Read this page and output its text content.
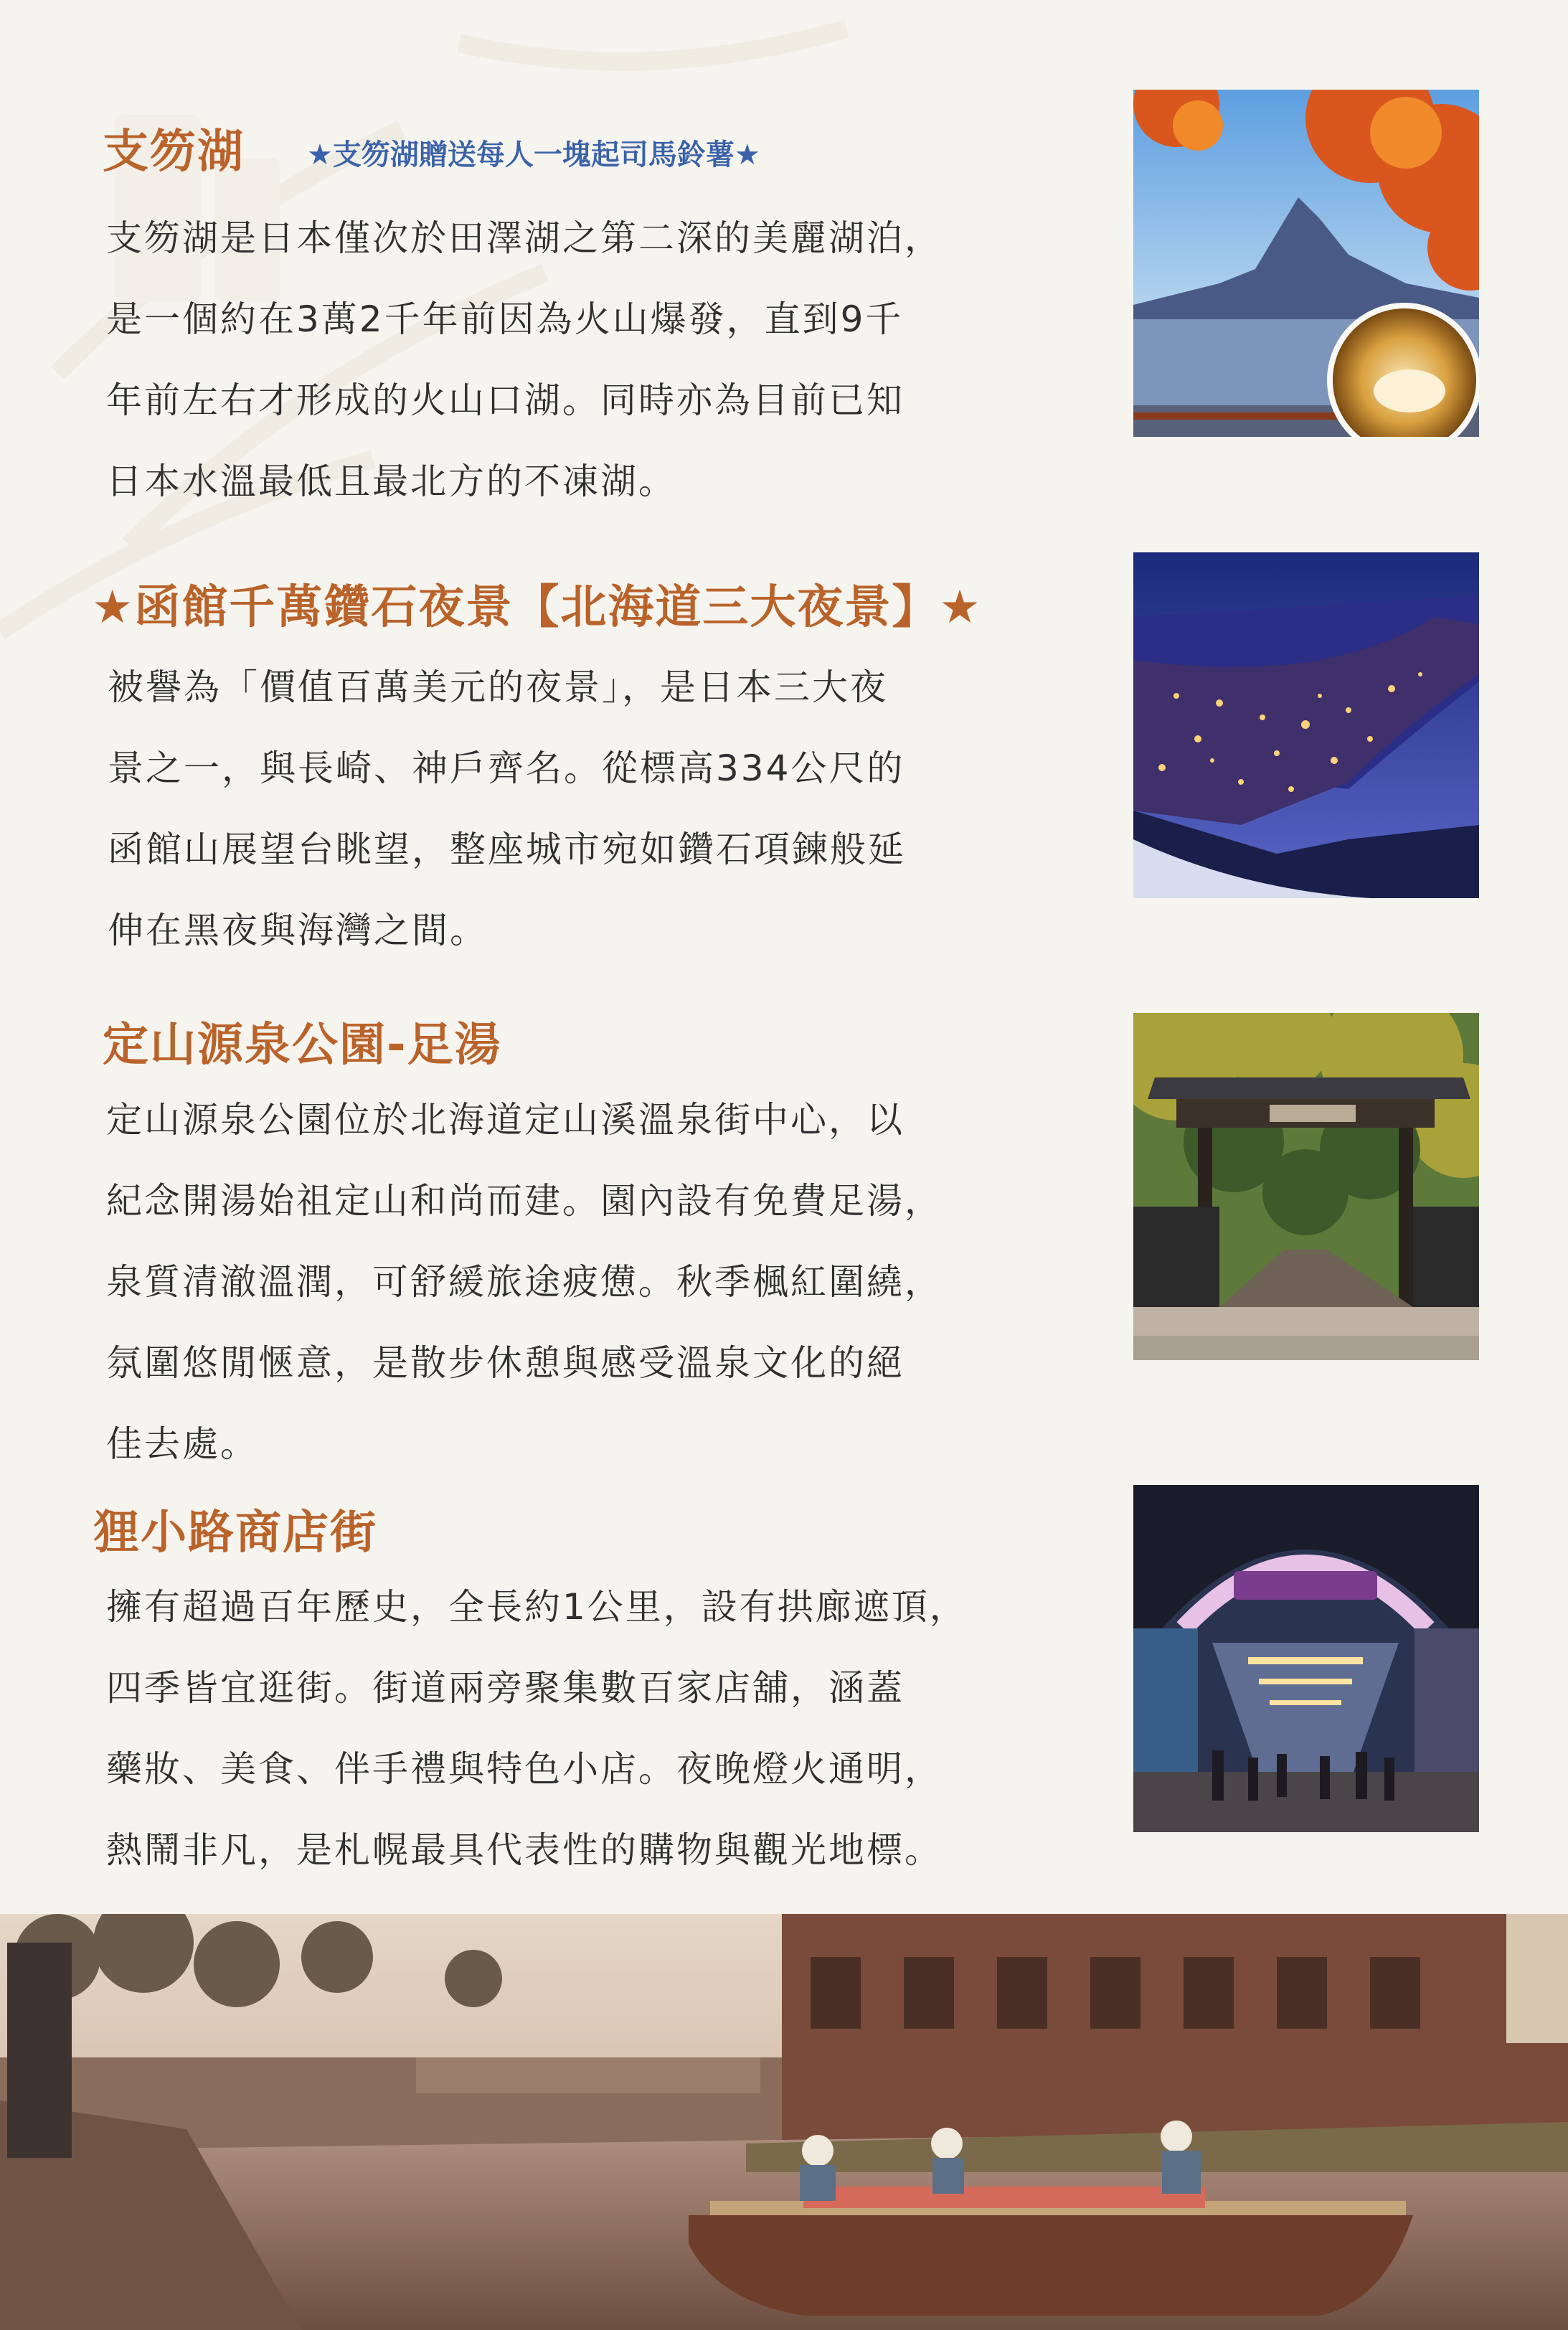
支笏湖 ★支笏湖贈送每人一塊起司馬鈴薯★
支笏湖是日本僅次於田澤湖之第二深的美麗湖泊，
是一個約在3萬2千年前因為火山爆發，直到9千
年前左右才形成的火山口湖。同時亦為目前已知
日本水溫最低且最北方的不凍湖。
★函館千萬鑽石夜景【北海道三大夜景】★
被譽為「價值百萬美元的夜景」，是日本三大夜
景之一，與長崎、神戶齊名。從標高334公尺的
函館山展望台眺望，整座城市宛如鑽石項鍊般延
伸在黑夜與海灣之間。
定山源泉公園-足湯
定山源泉公園位於北海道定山溪溫泉街中心，以
紀念開湯始祖定山和尚而建。園內設有免費足湯，
泉質清澈溫潤，可舒緩旅途疲憊。秋季楓紅圍繞，
氛圍悠閒愜意，是散步休憩與感受溫泉文化的絕
佳去處。
狸小路商店街
擁有超過百年歷史，全長約1公里，設有拱廊遮頂，
四季皆宜逛街。街道兩旁聚集數百家店舖，涵蓋
藥妝、美食、伴手禮與特色小店。夜晚燈火通明，
熱鬧非凡，是札幌最具代表性的購物與觀光地標。
